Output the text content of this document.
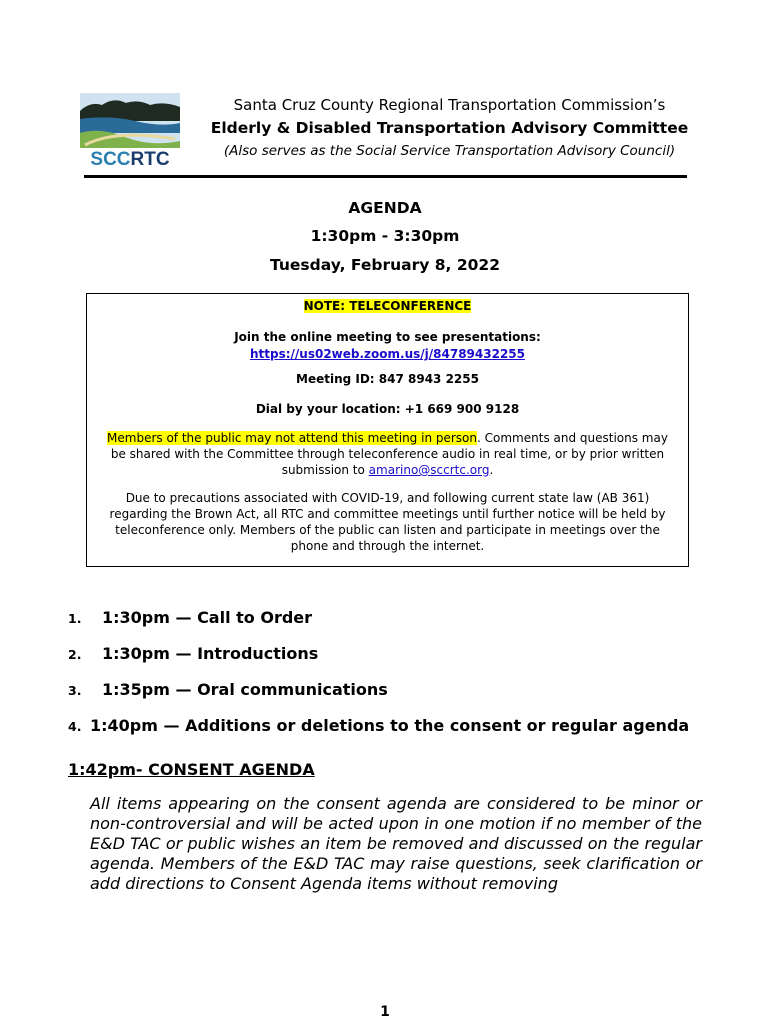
SCCRTC
Santa Cruz County Regional Transportation Commission’s
Elderly & Disabled Transportation Advisory Committee
(Also serves as the Social Service Transportation Advisory Council)
AGENDA
1:30pm - 3:30pm
Tuesday, February 8, 2022

NOTE: TELECONFERENCE

Join the online meeting to see presentations:
https://us02web.zoom.us/j/84789432255

Meeting ID: 847 8943 2255

Dial by your location: +1 669 900 9128

Members of the public may not attend this meeting in person. Comments and questions may be shared with the Committee through teleconference audio in real time, or by prior written submission to amarino@sccrtc.org.

Due to precautions associated with COVID-19, and following current state law (AB 361) regarding the Brown Act, all RTC and committee meetings until further notice will be held by teleconference only. Members of the public can listen and participate in meetings over the phone and through the internet.

1. 1:30pm — Call to Order
2. 1:30pm — Introductions
3. 1:35pm — Oral communications
4. 1:40pm — Additions or deletions to the consent or regular agenda
1:42pm- CONSENT AGENDA
All items appearing on the consent agenda are considered to be minor or non-controversial and will be acted upon in one motion if no member of the E&D TAC or public wishes an item be removed and discussed on the regular agenda. Members of the E&D TAC may raise questions, seek clarification or add directions to Consent Agenda items without removing
1
